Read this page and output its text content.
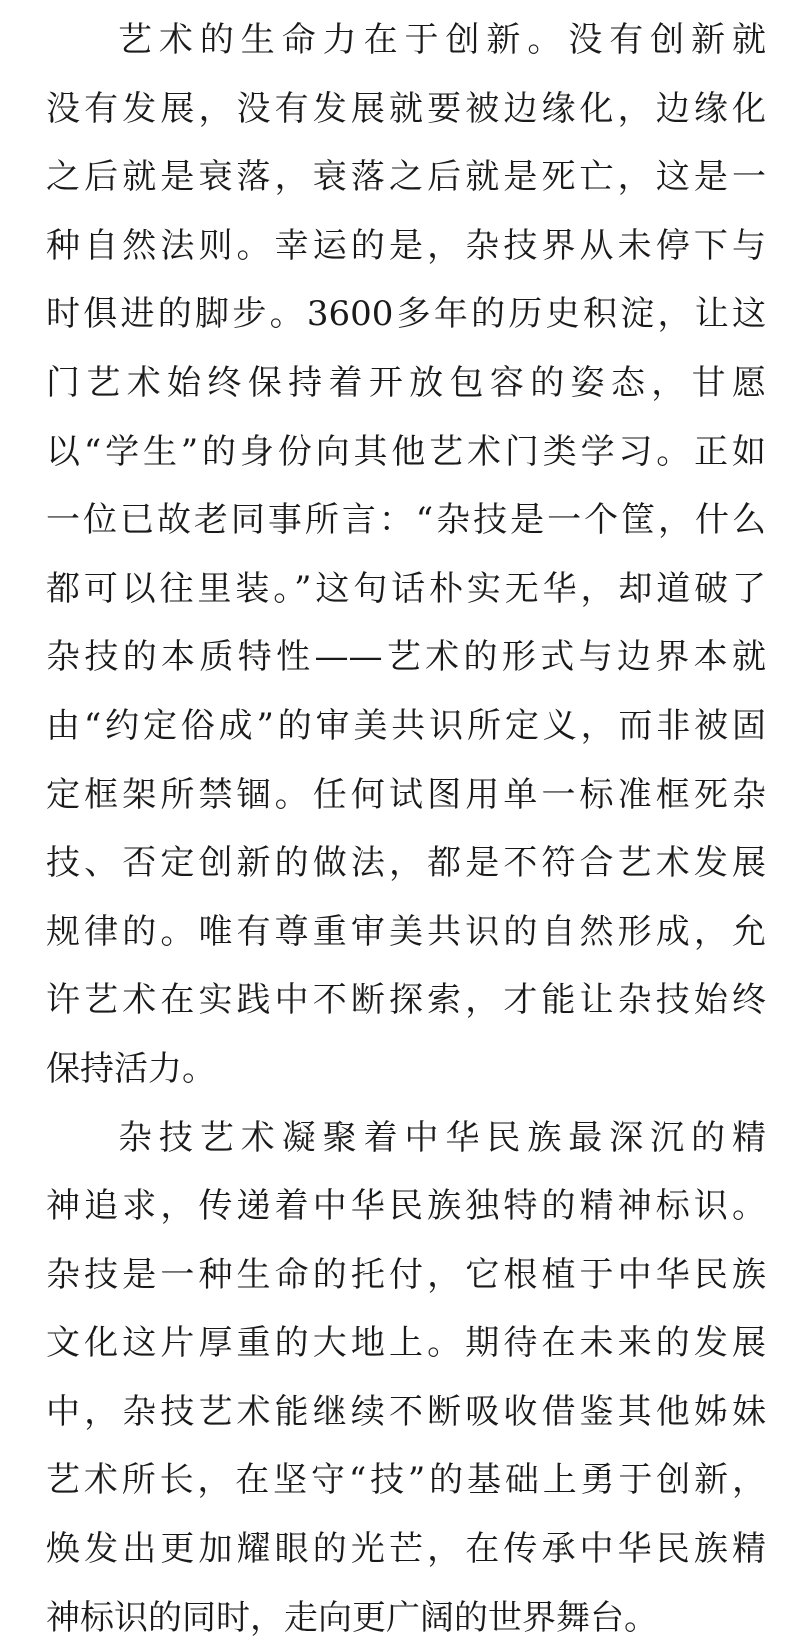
艺术的生命力在于创新。没有创新就
没有发展，没有发展就要被边缘化，边缘化
之后就是衰落，衰落之后就是死亡，这是一
种自然法则。幸运的是，杂技界从未停下与
时俱进的脚步。3600多年的历史积淀，让这
门艺术始终保持着开放包容的姿态，甘愿
以“学生”的身份向其他艺术门类学习。正如
一位已故老同事所言：“杂技是一个筐，什么
都可以往里装。”这句话朴实无华，却道破了
杂技的本质特性——艺术的形式与边界本就
由“约定俗成”的审美共识所定义，而非被固
定框架所禁锢。任何试图用单一标准框死杂
技、否定创新的做法，都是不符合艺术发展
规律的。唯有尊重审美共识的自然形成，允
许艺术在实践中不断探索，才能让杂技始终
保持活力。
杂技艺术凝聚着中华民族最深沉的精
神追求，传递着中华民族独特的精神标识。
杂技是一种生命的托付，它根植于中华民族
文化这片厚重的大地上。期待在未来的发展
中，杂技艺术能继续不断吸收借鉴其他姊妹
艺术所长，在坚守“技”的基础上勇于创新，
焕发出更加耀眼的光芒，在传承中华民族精
神标识的同时，走向更广阔的世界舞台。
